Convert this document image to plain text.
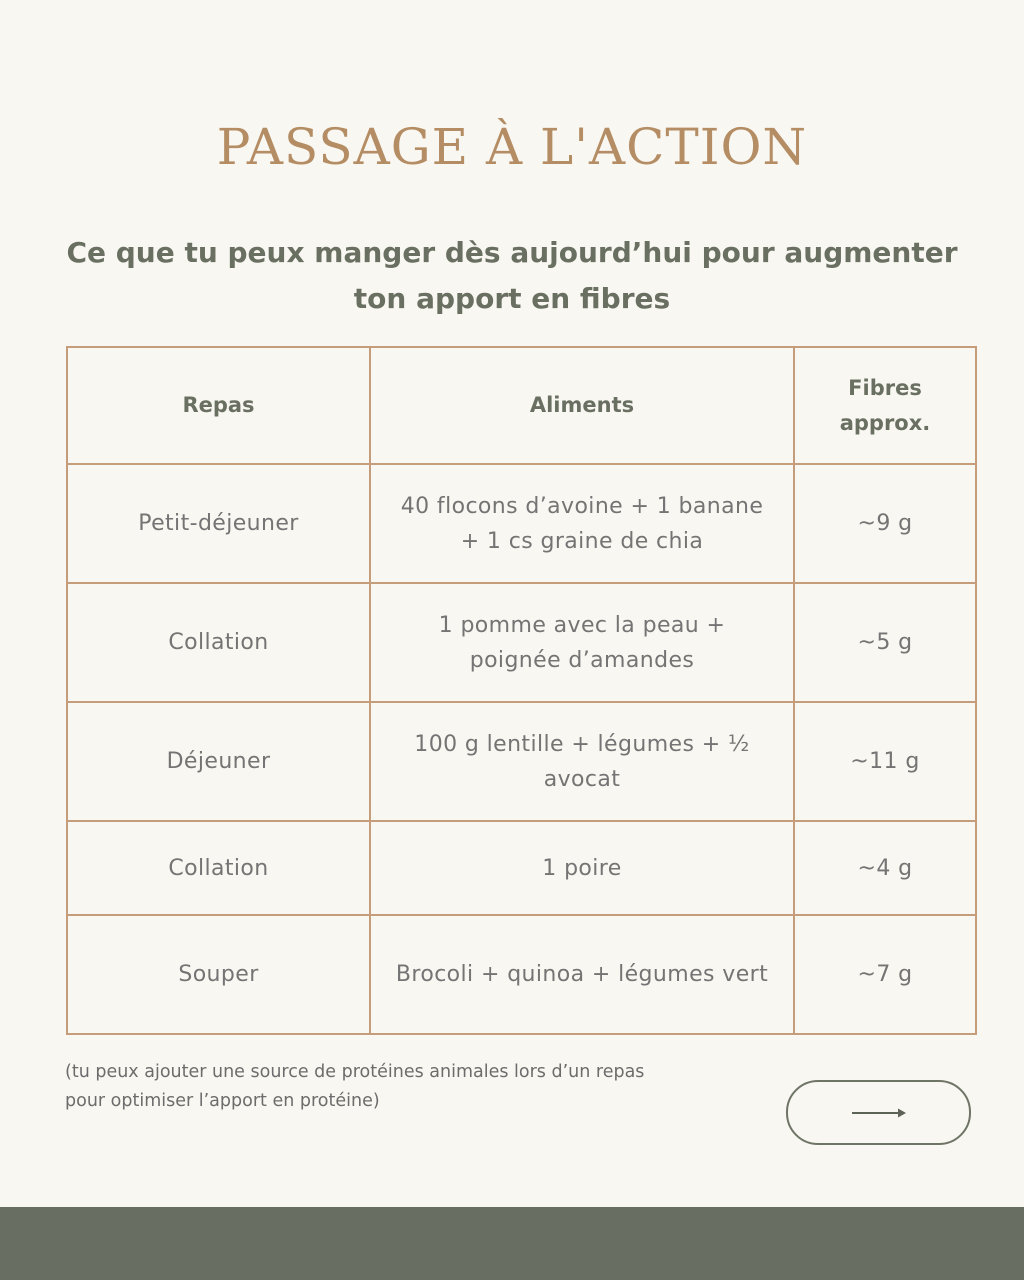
PASSAGE À L'ACTION

Ce que tu peux manger dès aujourd’hui pour augmenter ton apport en fibres

Repas	Aliments	Fibres approx.
Petit-déjeuner	40 flocons d’avoine + 1 banane + 1 cs graine de chia	~9 g
Collation	1 pomme avec la peau + poignée d’amandes	~5 g
Déjeuner	100 g lentille + légumes + ½ avocat	~11 g
Collation	1 poire	~4 g
Souper	Brocoli + quinoa + légumes vert	~7 g

(tu peux ajouter une source de protéines animales lors d’un repas pour optimiser l’apport en protéine)
